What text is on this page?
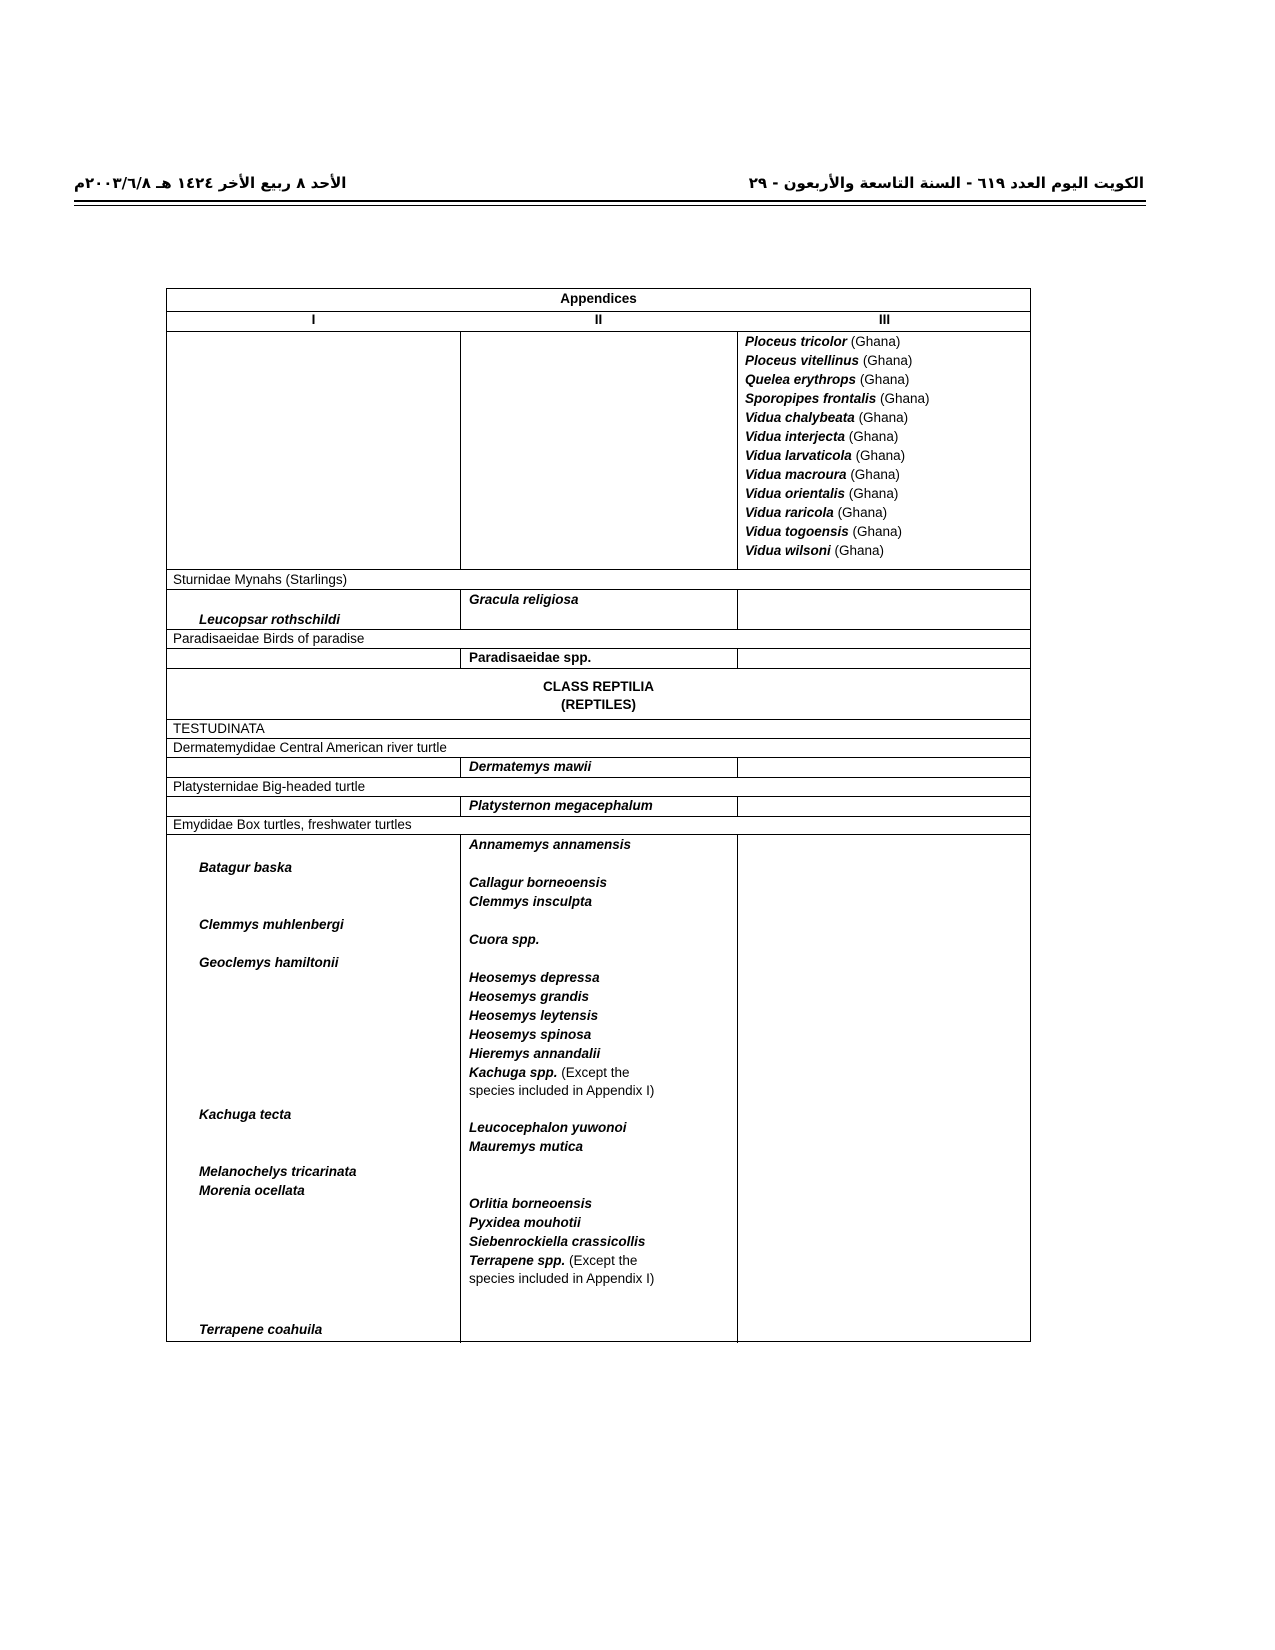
الكويت اليوم العدد ٦١٩ - السنة التاسعة والأربعون - ٢٩
الأحد ٨ ربيع الأخر ١٤٢٤ هـ ٢٠٠٣/٦/٨م
Appendices
I	II	III
Ploceus tricolor (Ghana)
Ploceus vitellinus (Ghana)
Quelea erythrops (Ghana)
Sporopipes frontalis (Ghana)
Vidua chalybeata (Ghana)
Vidua interjecta (Ghana)
Vidua larvaticola (Ghana)
Vidua macroura (Ghana)
Vidua orientalis (Ghana)
Vidua raricola (Ghana)
Vidua togoensis (Ghana)
Vidua wilsoni (Ghana)
Sturnidae Mynahs (Starlings)
Gracula religiosa
Leucopsar rothschildi
Paradisaeidae Birds of paradise
Paradisaeidae spp.
CLASS REPTILIA
(REPTILES)
TESTUDINATA
Dermatemydidae Central American river turtle
Dermatemys mawii
Platysternidae Big-headed turtle
Platysternon megacephalum
Emydidae Box turtles, freshwater turtles
Batagur baska
Clemmys muhlenbergi
Geoclemys hamiltonii
Kachuga tecta
Melanochelys tricarinata
Morenia ocellata
Terrapene coahuila
Annamemys annamensis
Callagur borneoensis
Clemmys insculpta
Cuora spp.
Heosemys depressa
Heosemys grandis
Heosemys leytensis
Heosemys spinosa
Hieremys annandalii
Kachuga spp. (Except the
species included in Appendix I)
Leucocephalon yuwonoi
Mauremys mutica
Orlitia borneoensis
Pyxidea mouhotii
Siebenrockiella crassicollis
Terrapene spp. (Except the
species included in Appendix I)
